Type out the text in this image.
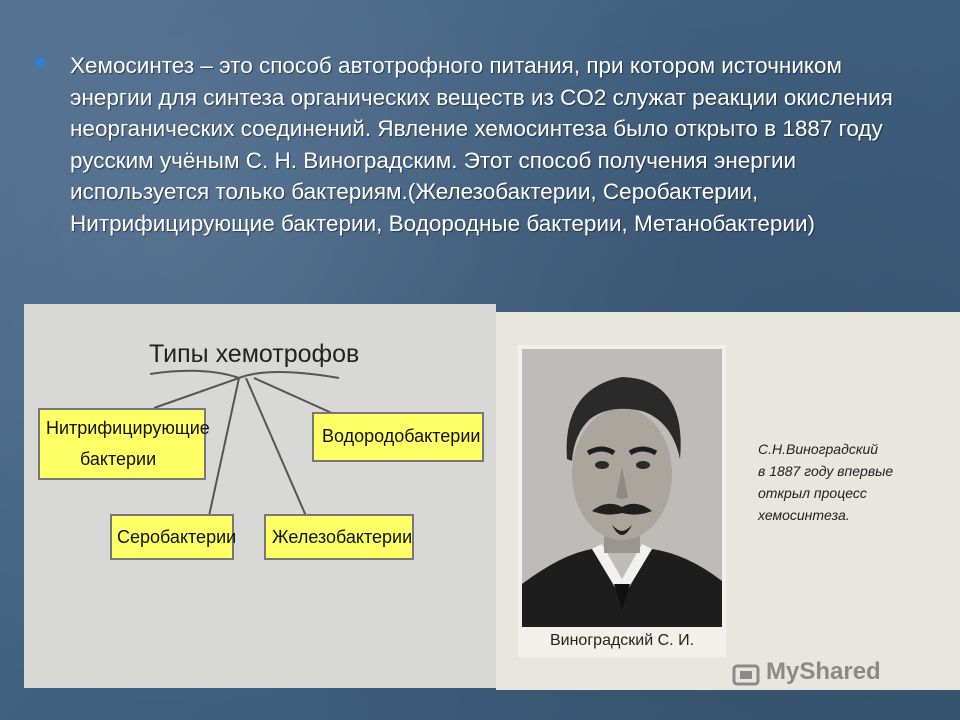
Хемосинтез – это способ автотрофного питания, при котором источником энергии для синтеза органических веществ из CO2 служат реакции окисления неорганических соединений. Явление хемосинтеза было открыто в 1887 году русским учёным С. Н. Виноградским. Этот способ получения энергии используется только бактериям.(Железобактерии, Серобактерии, Нитрифицирующие бактерии, Водородные бактерии, Метанобактерии)
Типы хемотрофов
Нитрифицирующие
бактерии
Водородобактерии
Серобактерии Железобактерии
Виноградский С. И.
С.Н.Виноградский
в 1887 году впервые
открыл процесс
хемосинтеза.
MyShared
